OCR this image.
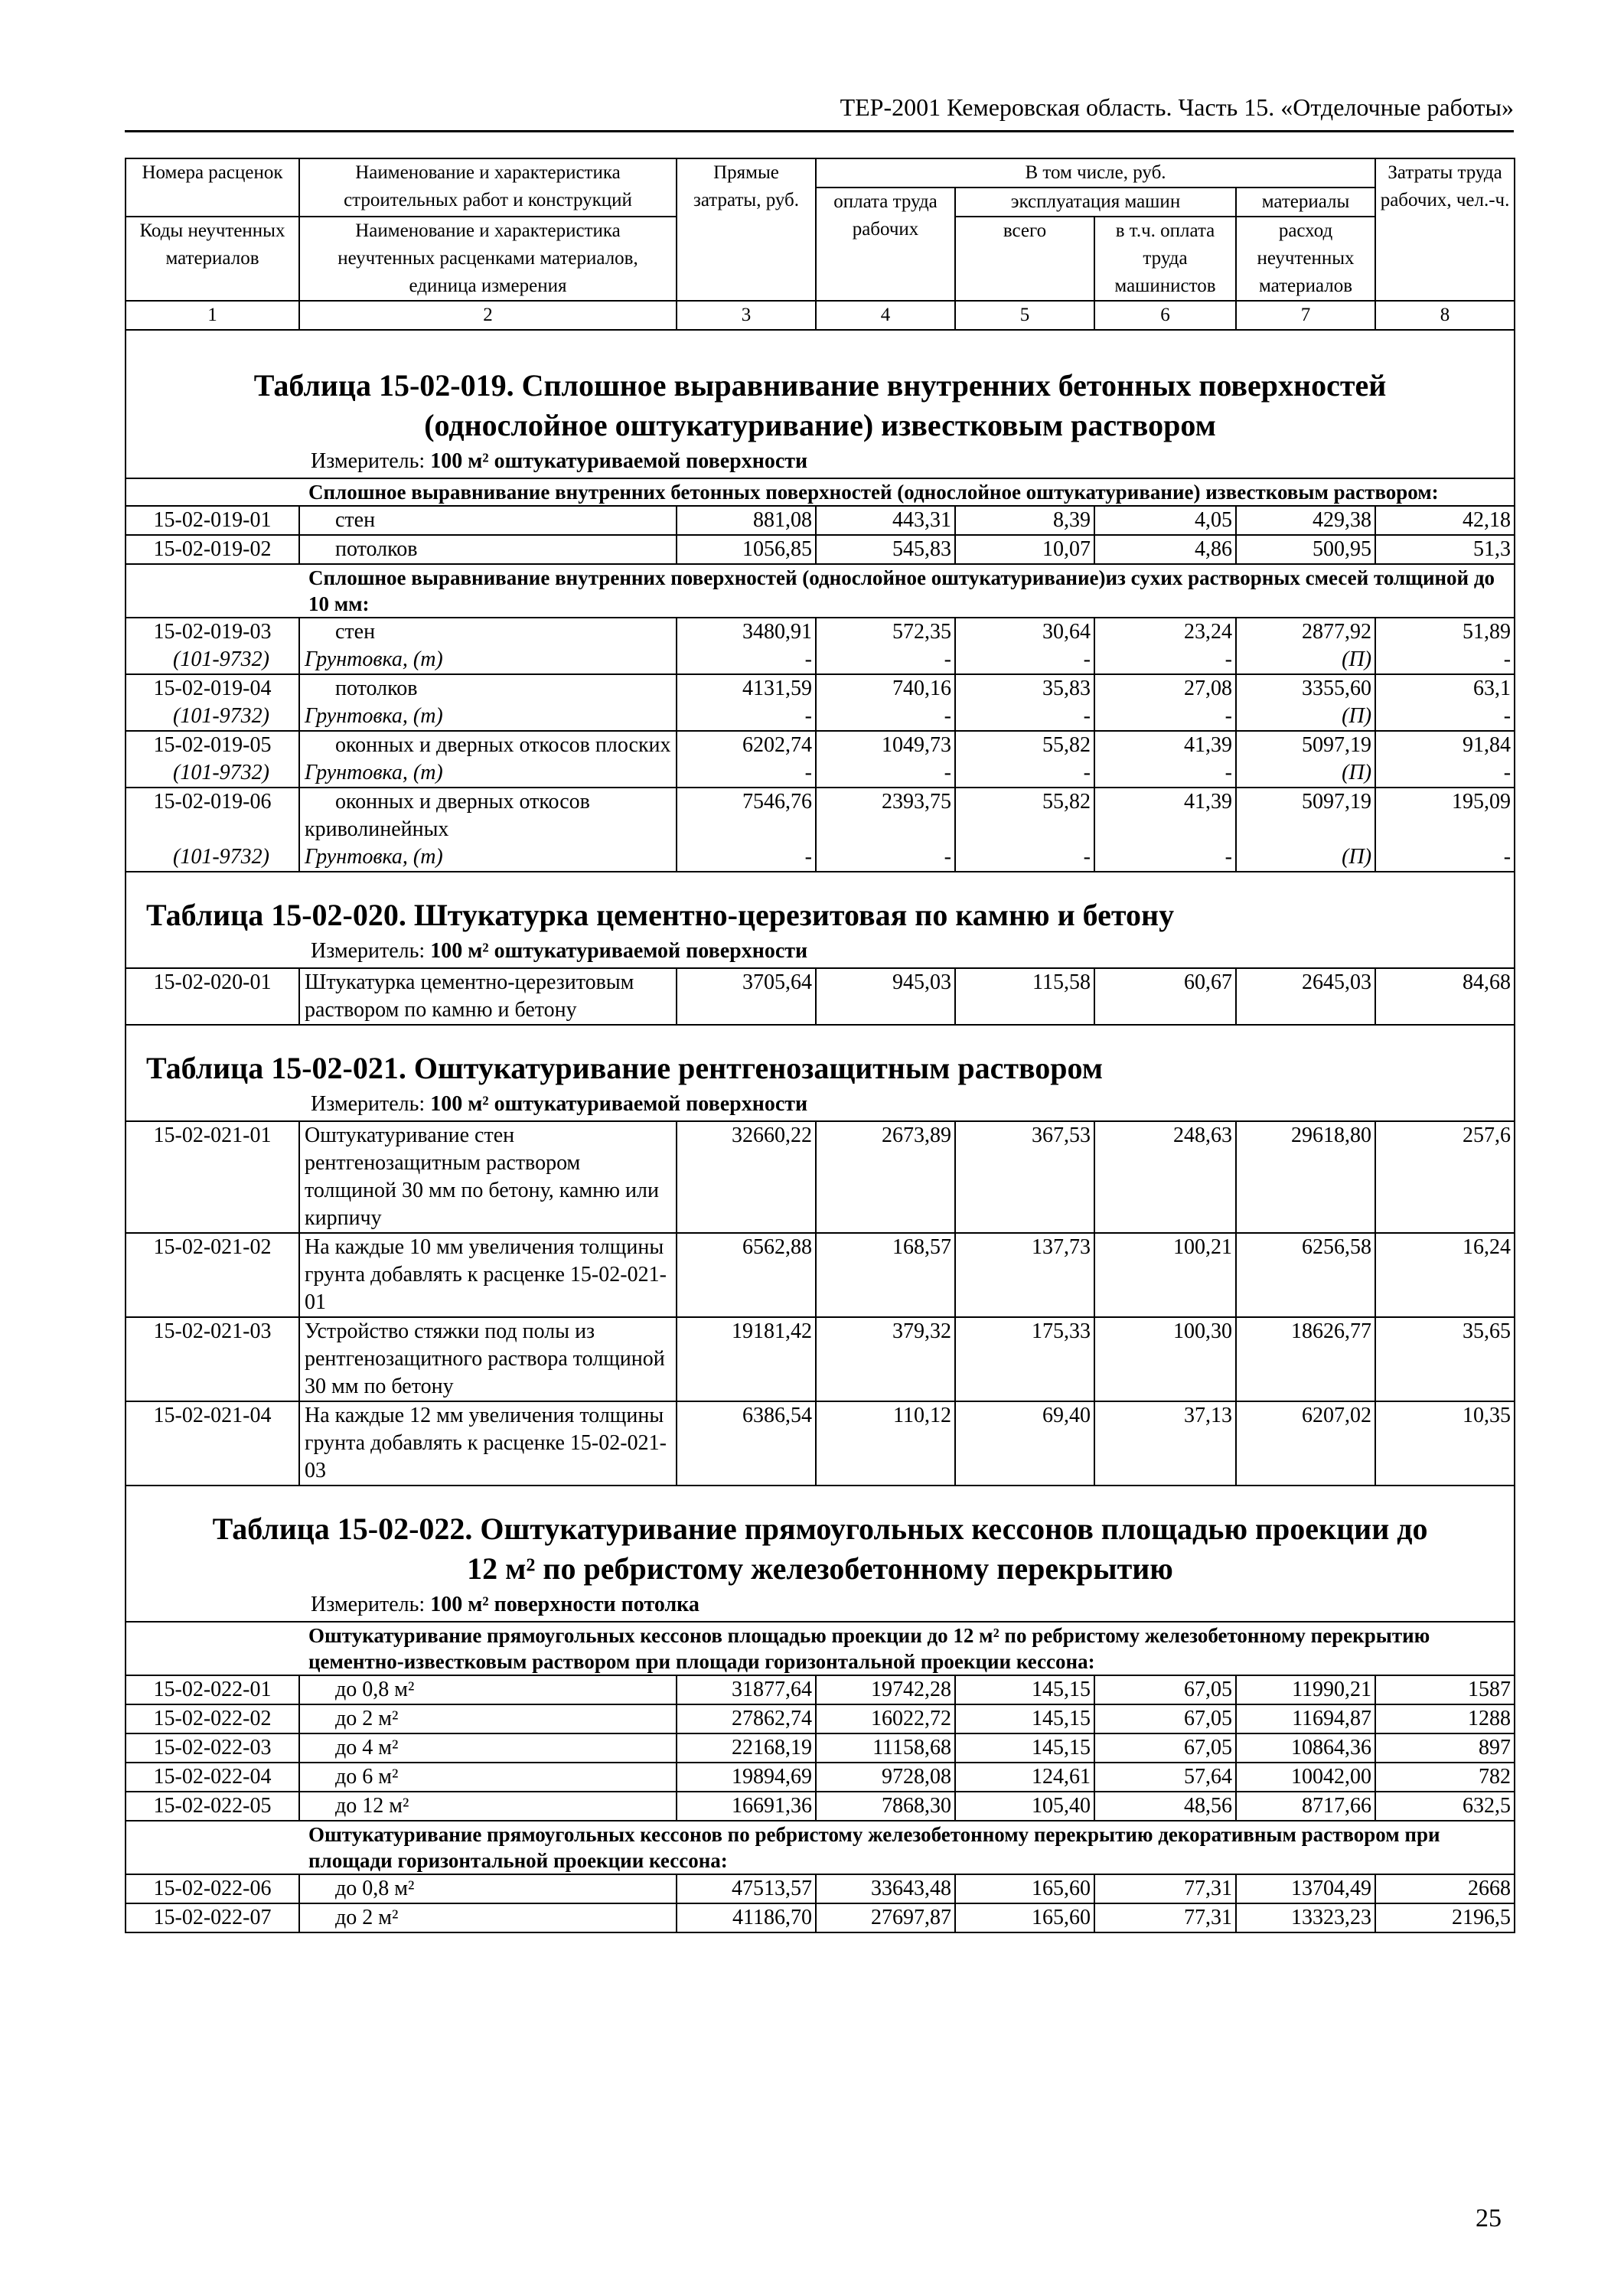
ТЕР-2001 Кемеровская область. Часть 15. «Отделочные работы»
Номера расценок	Наименование и характеристика строительных работ и конструкций	Прямые затраты, руб.	В том числе, руб.				Затраты труда рабочих, чел.-ч.
			оплата труда рабочих	эксплуатация машин		материалы	
Коды неучтенных материалов	Наименование и характеристика неучтенных расценками материалов, единица измерения			всего	в т.ч. оплата труда машинистов	расход неучтенных материалов	

1	2	3	4	5	6	7	8

Таблица 15-02-019. Сплошное выравнивание внутренних бетонных поверхностей
(однослойное оштукатуривание) известковым раствором							

Измеритель: 100 м² оштукатуриваемой поверхности							
	Сплошное выравнивание внутренних бетонных поверхностей (однослойное оштукатуривание) известковым раствором:						
15-02-019-01	стен	881,08	443,31	8,39	4,05	429,38	42,18
15-02-019-02	потолков	1056,85	545,83	10,07	4,86	500,95	51,3
	Сплошное выравнивание внутренних поверхностей (однослойное оштукатуривание)из сухих растворных смесей толщиной до 10 мм:						
15-02-019-03	стен	3480,91	572,35	30,64	23,24	2877,92	51,89
(101-9732)	Грунтовка, (т)	-	-	-	-	(П)	-
15-02-019-04	потолков	4131,59	740,16	35,83	27,08	3355,60	63,1
(101-9732)	Грунтовка, (т)	-	-	-	-	(П)	-
15-02-019-05	оконных и дверных откосов плоских	6202,74	1049,73	55,82	41,39	5097,19	91,84
(101-9732)	Грунтовка, (т)	-	-	-	-	(П)	-
15-02-019-06	оконных и дверных откосов криволинейных	7546,76	2393,75	55,82	41,39	5097,19	195,09
(101-9732)	Грунтовка, (т)	-	-	-	-	(П)	-

Таблица 15-02-020. Штукатурка цементно-церезитовая по камню и бетону							
Измеритель: 100 м² оштукатуриваемой поверхности							
15-02-020-01	Штукатурка цементно-церезитовым раствором по камню и бетону	3705,64	945,03	115,58	60,67	2645,03	84,68

Таблица 15-02-021. Оштукатуривание рентгенозащитным раствором							
Измеритель: 100 м² оштукатуриваемой поверхности							
15-02-021-01	Оштукатуривание стен рентгенозащитным раствором толщиной 30 мм по бетону, камню или кирпичу	32660,22	2673,89	367,53	248,63	29618,80	257,6
15-02-021-02	На каждые 10 мм увеличения толщины грунта добавлять к расценке 15-02-021-01	6562,88	168,57	137,73	100,21	6256,58	16,24
15-02-021-03	Устройство стяжки под полы из рентгенозащитного раствора толщиной 30 мм по бетону	19181,42	379,32	175,33	100,30	18626,77	35,65
15-02-021-04	На каждые 12 мм увеличения толщины грунта добавлять к расценке 15-02-021-03	6386,54	110,12	69,40	37,13	6207,02	10,35

Таблица 15-02-022. Оштукатуривание прямоугольных кессонов площадью проекции до
12 м² по ребристому железобетонному перекрытию							

Измеритель: 100 м² поверхности потолка							
	Оштукатуривание прямоугольных кессонов площадью проекции до 12 м² по ребристому железобетонному перекрытию цементно-известковым раствором при площади горизонтальной проекции кессона:						
15-02-022-01	до 0,8 м²	31877,64	19742,28	145,15	67,05	11990,21	1587
15-02-022-02	до 2 м²	27862,74	16022,72	145,15	67,05	11694,87	1288
15-02-022-03	до 4 м²	22168,19	11158,68	145,15	67,05	10864,36	897
15-02-022-04	до 6 м²	19894,69	9728,08	124,61	57,64	10042,00	782
15-02-022-05	до 12 м²	16691,36	7868,30	105,40	48,56	8717,66	632,5
	Оштукатуривание прямоугольных кессонов по ребристому железобетонному перекрытию декоративным раствором при площади горизонтальной проекции кессона:						
15-02-022-06	до 0,8 м²	47513,57	33643,48	165,60	77,31	13704,49	2668
15-02-022-07	до 2 м²	41186,70	27697,87	165,60	77,31	13323,23	2196,5
25
